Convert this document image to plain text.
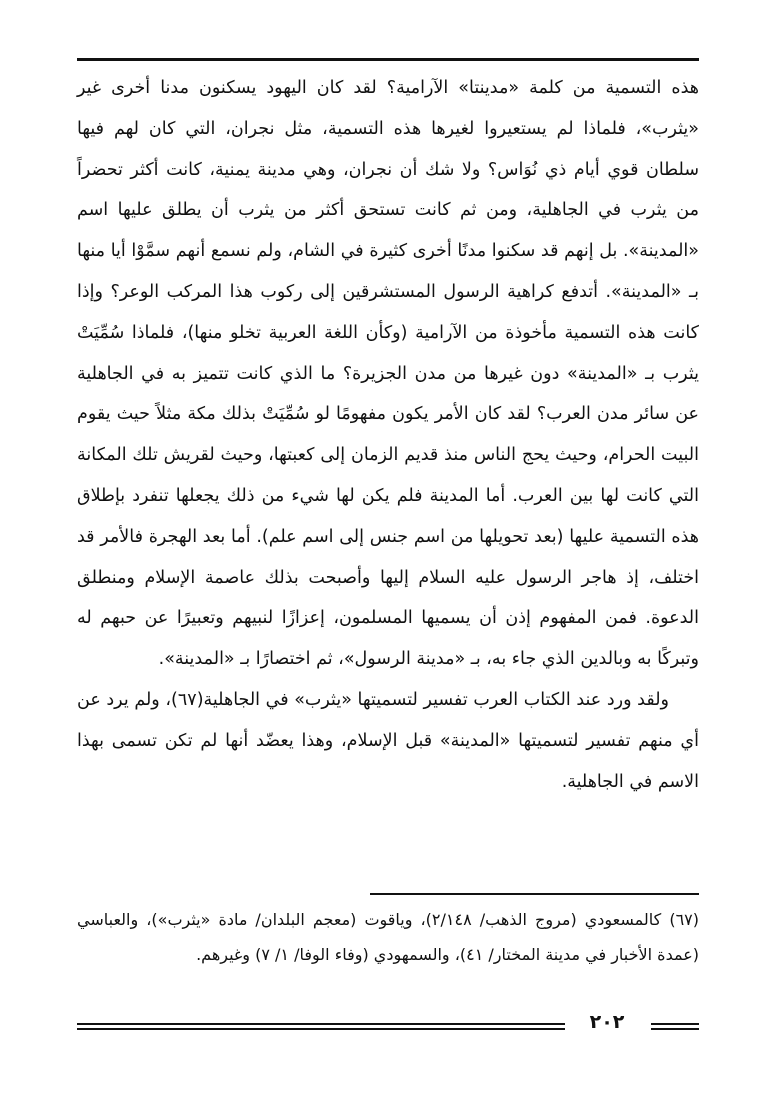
هذه التسمية من كلمة «مدينتا» الآرامية؟ لقد كان اليهود يسكنون مدنا أخرى غير «يثرب»، فلماذا لم يستعيروا لغيرها هذه التسمية، مثل نجران، التي كان لهم فيها سلطان قوي أيام ذي نُوَاس؟ ولا شك أن نجران، وهي مدينة يمنية، كانت أكثر تحضراً من يثرب في الجاهلية، ومن ثم كانت تستحق أكثر من يثرب أن يطلق عليها اسم «المدينة». بل إنهم قد سكنوا مدنًا أخرى كثيرة في الشام، ولم نسمع أنهم سمَّوْا أيا منها بـ «المدينة». أتدفع كراهية الرسول المستشرقين إلى ركوب هذا المركب الوعر؟ وإذا كانت هذه التسمية مأخوذة من الآرامية (وكأن اللغة العربية تخلو منها)، فلماذا سُمِّيَتْ يثرب بـ «المدينة» دون غيرها من مدن الجزيرة؟ ما الذي كانت تتميز به في الجاهلية عن سائر مدن العرب؟ لقد كان الأمر يكون مفهومًا لو سُمِّيَتْ بذلك مكة مثلاً حيث يقوم البيت الحرام، وحيث يحج الناس منذ قديم الزمان إلى كعبتها، وحيث لقريش تلك المكانة التي كانت لها بين العرب. أما المدينة فلم يكن لها شيء من ذلك يجعلها تنفرد بإطلاق هذه التسمية عليها (بعد تحويلها من اسم جنس إلى اسم علم). أما بعد الهجرة فالأمر قد اختلف، إذ هاجر الرسول عليه السلام إليها وأصبحت بذلك عاصمة الإسلام ومنطلق الدعوة. فمن المفهوم إذن أن يسميها المسلمون، إعزازًا لنبيهم وتعبيرًا عن حبهم له وتبركًا به وبالدين الذي جاء به، بـ «مدينة الرسول»، ثم اختصارًا بـ «المدينة».

ولقد ورد عند الكتاب العرب تفسير لتسميتها «يثرب» في الجاهلية(٦٧)، ولم يرد عن أي منهم تفسير لتسميتها «المدينة» قبل الإسلام، وهذا يعضّد أنها لم تكن تسمى بهذا الاسم في الجاهلية.

(٦٧) كالمسعودي (مروج الذهب/ ٢/١٤٨)، وياقوت (معجم البلدان/ مادة «يثرب»)، والعباسي (عمدة الأخبار في مدينة المختار/ ٤١)، والسمهودي (وفاء الوفا/ ١/ ٧) وغيرهم.

٢٠٢
